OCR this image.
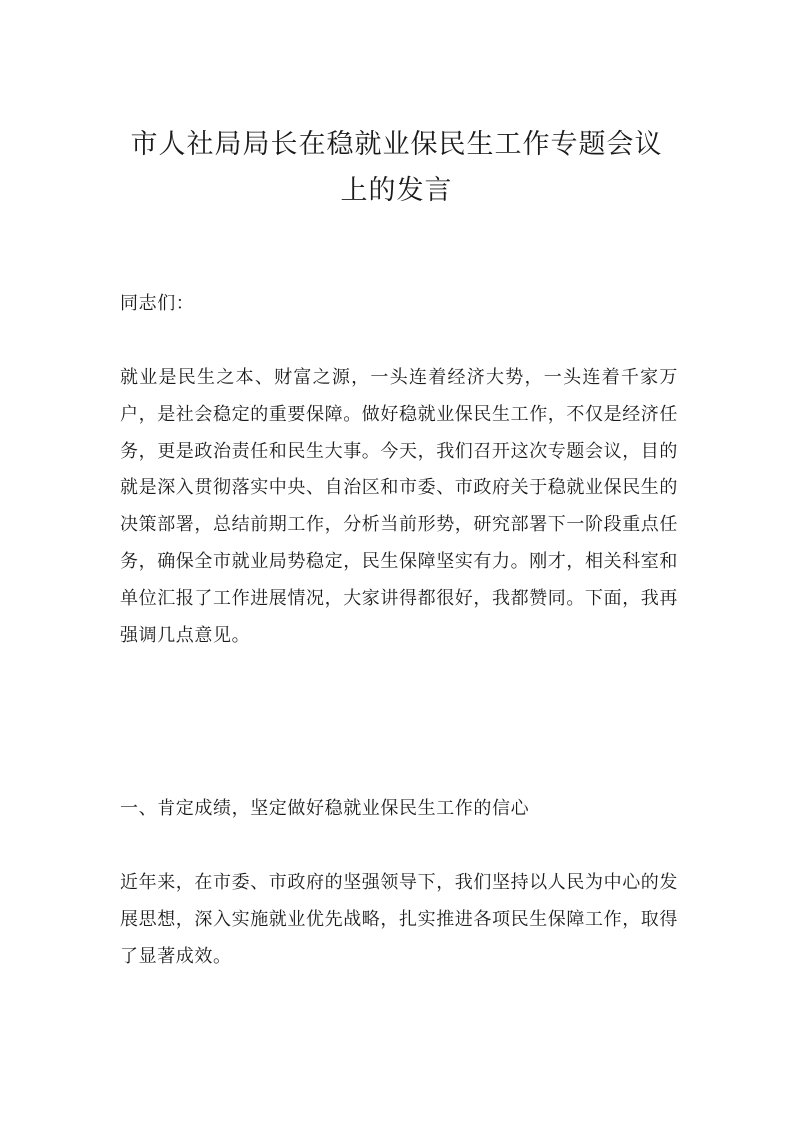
市人社局局长在稳就业保民生工作专题会议上的发言

同志们：

就业是民生之本、财富之源，一头连着经济大势，一头连着千家万户，是社会稳定的重要保障。做好稳就业保民生工作，不仅是经济任务，更是政治责任和民生大事。今天，我们召开这次专题会议，目的就是深入贯彻落实中央、自治区和市委、市政府关于稳就业保民生的决策部署，总结前期工作，分析当前形势，研究部署下一阶段重点任务，确保全市就业局势稳定，民生保障坚实有力。刚才，相关科室和单位汇报了工作进展情况，大家讲得都很好，我都赞同。下面，我再强调几点意见。

一、肯定成绩，坚定做好稳就业保民生工作的信心

近年来，在市委、市政府的坚强领导下，我们坚持以人民为中心的发展思想，深入实施就业优先战略，扎实推进各项民生保障工作，取得了显著成效。
